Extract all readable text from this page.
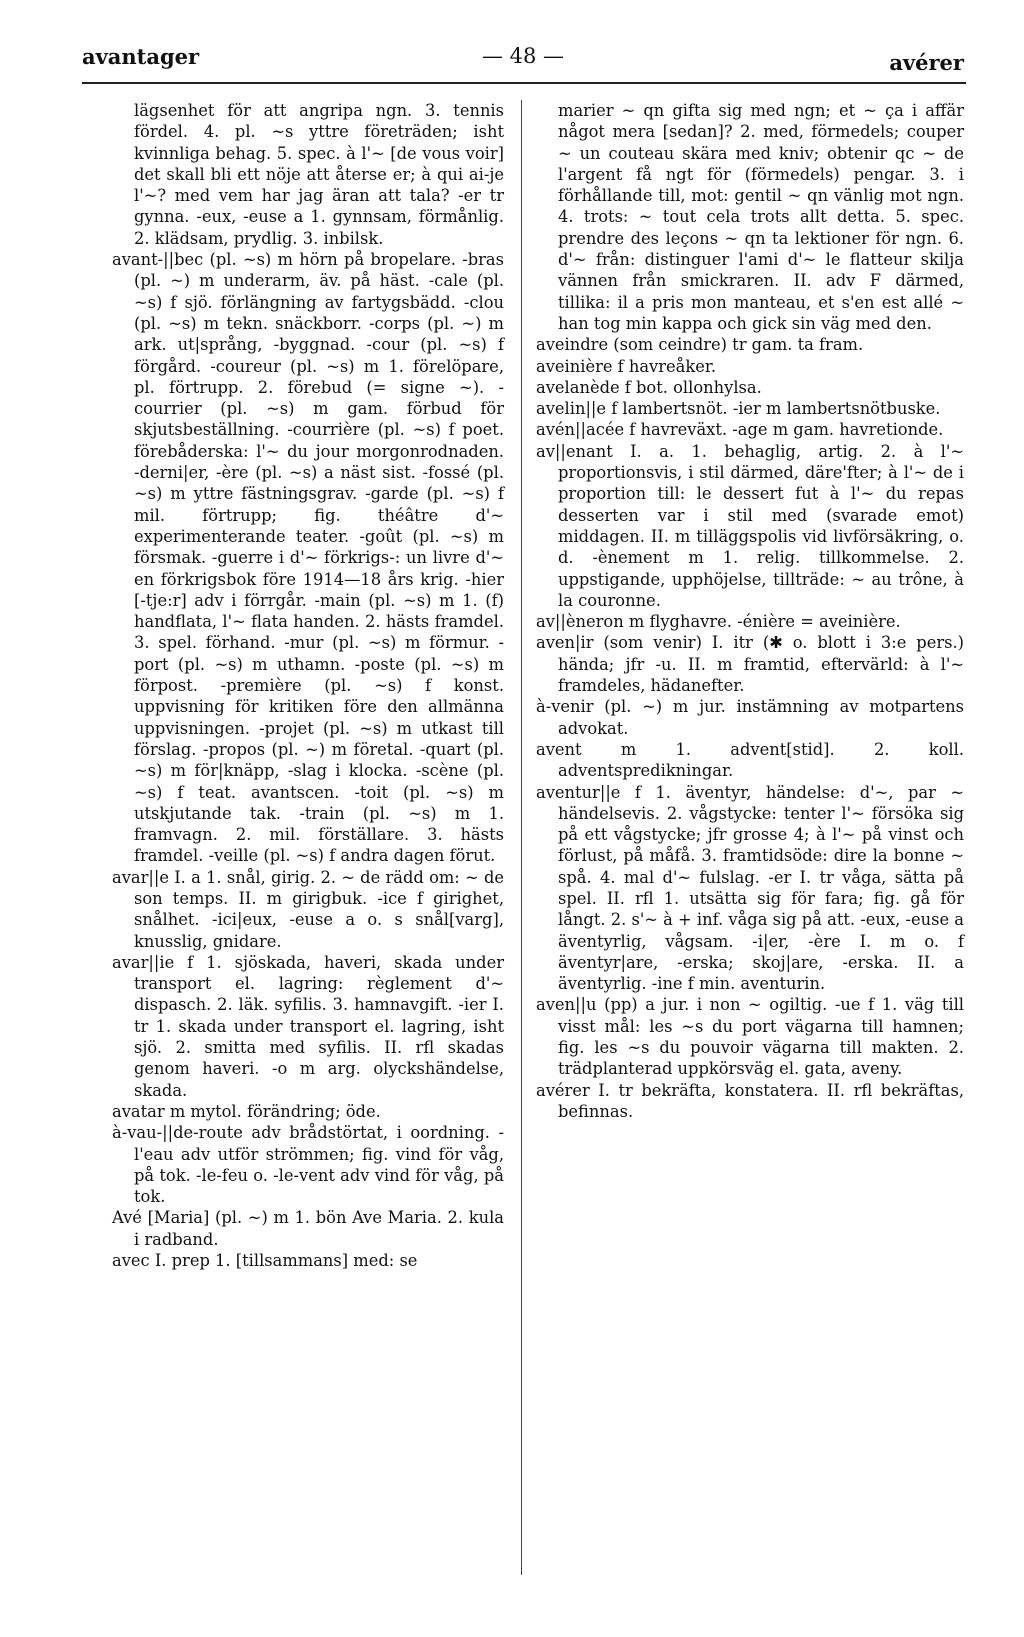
avantager	— 48 —	avérer

lägsenhet för att angripa ngn. 3. tennis fördel. 4. pl. ~s yttre företräden; isht kvinnliga behag. 5. spec. à l'~ [de vous voir] det skall bli ett nöje att återse er; à qui ai-je l'~? med vem har jag äran att tala? -er tr gynna. -eux, -euse a 1. gynnsam, förmånlig. 2. klädsam, prydlig. 3. inbilsk.

avant-||bec (pl. ~s) m hörn på bropelare. -bras (pl. ~) m underarm, äv. på häst. -cale (pl. ~s) f sjö. förlängning av fartygsbädd. -clou (pl. ~s) m tekn. snäckborr. -corps (pl. ~) m ark. ut|språng, -byggnad. -cour (pl. ~s) f förgård. -coureur (pl. ~s) m 1. förelöpare, pl. förtrupp. 2. förebud (= signe ~). -courrier (pl. ~s) m gam. förbud för skjutsbeställning. -courrière (pl. ~s) f poet. förebåderska: l'~ du jour morgonrodnaden. -derni|er, -ère (pl. ~s) a näst sist. -fossé (pl. ~s) m yttre fästningsgrav. -garde (pl. ~s) f mil. förtrupp; fig. théâtre d'~ experimenterande teater. -goût (pl. ~s) m försmak. -guerre i d'~ förkrigs-: un livre d'~ en förkrigsbok före 1914—18 års krig. -hier [-tje:r] adv i förrgår. -main (pl. ~s) m 1. (f) handflata, l'~ flata handen. 2. hästs framdel. 3. spel. förhand. -mur (pl. ~s) m förmur. -port (pl. ~s) m uthamn. -poste (pl. ~s) m förpost. -première (pl. ~s) f konst. uppvisning för kritiken före den allmänna uppvisningen. -projet (pl. ~s) m utkast till förslag. -propos (pl. ~) m företal. -quart (pl. ~s) m för|knäpp, -slag i klocka. -scène (pl. ~s) f teat. avantscen. -toit (pl. ~s) m utskjutande tak. -train (pl. ~s) m 1. framvagn. 2. mil. förställare. 3. hästs framdel. -veille (pl. ~s) f andra dagen förut.

avar||e I. a 1. snål, girig. 2. ~ de rädd om: ~ de son temps. II. m girigbuk. -ice f girighet, snålhet. -ici|eux, -euse a o. s snål[varg], knusslig, gnidare.

avar||ie f 1. sjöskada, haveri, skada under transport el. lagring: règlement d'~ dispasch. 2. läk. syfilis. 3. hamnavgift. -ier I. tr 1. skada under transport el. lagring, isht sjö. 2. smitta med syfilis. II. rfl skadas genom haveri. -o m arg. olyckshändelse, skada.

avatar m mytol. förändring; öde.

à-vau-||de-route adv brådstörtat, i oordning. -l'eau adv utför strömmen; fig. vind för våg, på tok. -le-feu o. -le-vent adv vind för våg, på tok.

Avé [Maria] (pl. ~) m 1. bön Ave Maria. 2. kula i radband.

avec I. prep 1. [tillsammans] med: se

marier ~ qn gifta sig med ngn; et ~ ça i affär något mera [sedan]? 2. med, förmedels; couper ~ un couteau skära med kniv; obtenir qc ~ de l'argent få ngt för (förmedels) pengar. 3. i förhållande till, mot: gentil ~ qn vänlig mot ngn. 4. trots: ~ tout cela trots allt detta. 5. spec. prendre des leçons ~ qn ta lektioner för ngn. 6. d'~ från: distinguer l'ami d'~ le flatteur skilja vännen från smickraren. II. adv F därmed, tillika: il a pris mon manteau, et s'en est allé ~ han tog min kappa och gick sin väg med den.

aveindre (som ceindre) tr gam. ta fram.

aveinière f havreåker.

avelanède f bot. ollonhylsa.

avelin||e f lambertsnöt. -ier m lambertsnötbuske.

avén||acée f havreväxt. -age m gam. havretionde.

av||enant I. a. 1. behaglig, artig. 2. à l'~ proportionsvis, i stil därmed, däre'fter; à l'~ de i proportion till: le dessert fut à l'~ du repas desserten var i stil med (svarade emot) middagen. II. m tilläggspolis vid livförsäkring, o. d. -ènement m 1. relig. tillkommelse. 2. uppstigande, upphöjelse, tillträde: ~ au trône, à la couronne.

av||èneron m flyghavre. -énière = aveinière.

aven|ir (som venir) I. itr (✱ o. blott i 3:e pers.) hända; jfr -u. II. m framtid, eftervärld: à l'~ framdeles, hädanefter.

à-venir (pl. ~) m jur. instämning av motpartens advokat.

avent m 1. advent[stid]. 2. koll. adventspredikningar.

aventur||e f 1. äventyr, händelse: d'~, par ~ händelsevis. 2. vågstycke: tenter l'~ försöka sig på ett vågstycke; jfr grosse 4; à l'~ på vinst och förlust, på måfå. 3. framtidsöde: dire la bonne ~ spå. 4. mal d'~ fulslag. -er I. tr våga, sätta på spel. II. rfl 1. utsätta sig för fara; fig. gå för långt. 2. s'~ à + inf. våga sig på att. -eux, -euse a äventyrlig, vågsam. -i|er, -ère I. m o. f äventyr|are, -erska; skoj|are, -erska. II. a äventyrlig. -ine f min. aventurin.

aven||u (pp) a jur. i non ~ ogiltig. -ue f 1. väg till visst mål: les ~s du port vägarna till hamnen; fig. les ~s du pouvoir vägarna till makten. 2. trädplanterad uppkörsväg el. gata, aveny.

avérer I. tr bekräfta, konstatera. II. rfl bekräftas, befinnas.
